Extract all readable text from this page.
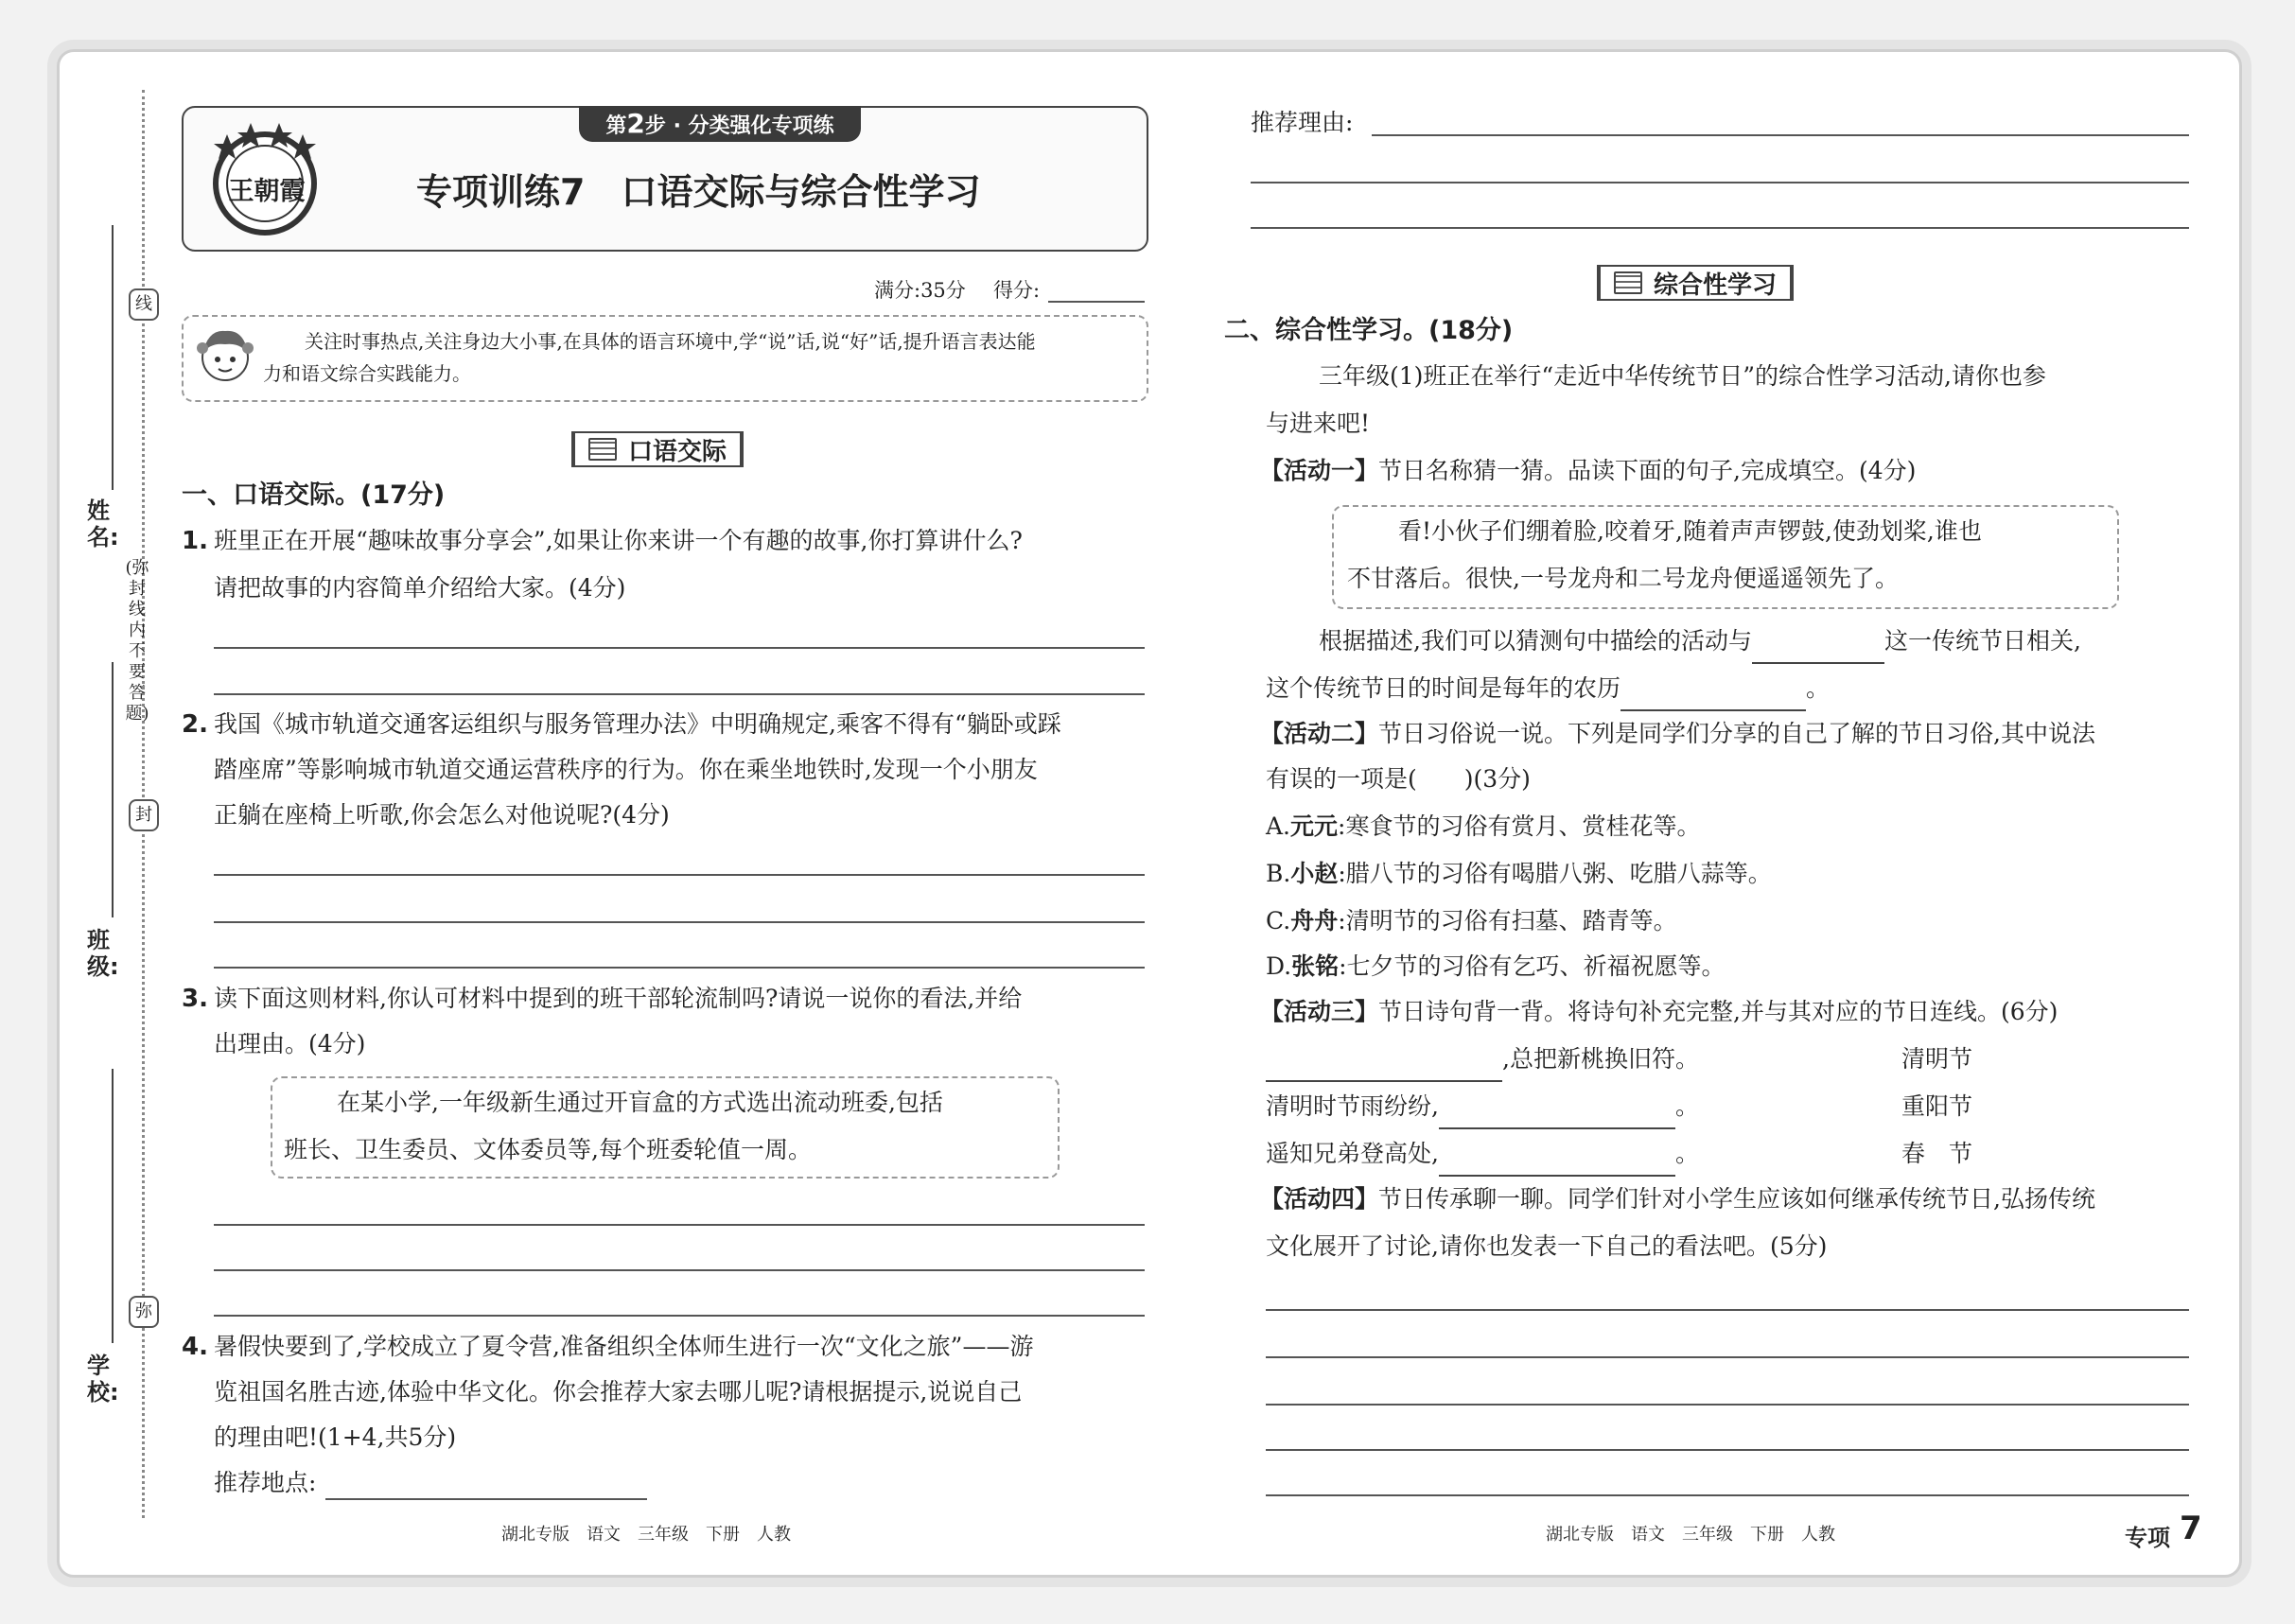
线
封
弥
(弥封线内不要答题)
姓名:
班级:
学校:
王朝霞
第2步 · 分类强化专项练
专项训练7　口语交际与综合性学习
满分:35分 得分:
关注时事热点,关注身边大小事,在具体的语言环境中,学“说”话,说“好”话,提升语言表达能
力和语文综合实践能力。
口语交际
一、口语交际。(17分)
1. 班里正在开展“趣味故事分享会”,如果让你来讲一个有趣的故事,你打算讲什么?
请把故事的内容简单介绍给大家。(4分)
2. 我国《城市轨道交通客运组织与服务管理办法》中明确规定,乘客不得有“躺卧或踩
踏座席”等影响城市轨道交通运营秩序的行为。你在乘坐地铁时,发现一个小朋友
正躺在座椅上听歌,你会怎么对他说呢?(4分)
3. 读下面这则材料,你认可材料中提到的班干部轮流制吗?请说一说你的看法,并给
出理由。(4分)
在某小学,一年级新生通过开盲盒的方式选出流动班委,包括
班长、卫生委员、文体委员等,每个班委轮值一周。
4. 暑假快要到了,学校成立了夏令营,准备组织全体师生进行一次“文化之旅”——游
览祖国名胜古迹,体验中华文化。你会推荐大家去哪儿呢?请根据提示,说说自己
的理由吧!(1+4,共5分)
推荐地点:
湖北专版　语文　三年级　下册　人教
推荐理由:
综合性学习
二、综合性学习。(18分)
三年级(1)班正在举行“走近中华传统节日”的综合性学习活动,请你也参
与进来吧!
【活动一】节日名称猜一猜。品读下面的句子,完成填空。(4分)
看!小伙子们绷着脸,咬着牙,随着声声锣鼓,使劲划桨,谁也
不甘落后。很快,一号龙舟和二号龙舟便遥遥领先了。
根据描述,我们可以猜测句中描绘的活动与	这一传统节日相关,
这个传统节日的时间是每年的农历	。
【活动二】节日习俗说一说。下列是同学们分享的自己了解的节日习俗,其中说法
有误的一项是(　　)(3分)
A.元元:寒食节的习俗有赏月、赏桂花等。
B.小赵:腊八节的习俗有喝腊八粥、吃腊八蒜等。
C.舟舟:清明节的习俗有扫墓、踏青等。
D.张铭:七夕节的习俗有乞巧、祈福祝愿等。
【活动三】节日诗句背一背。将诗句补充完整,并与其对应的节日连线。(6分)
,总把新桃换旧符。
清明时节雨纷纷,	。
遥知兄弟登高处,	。
清明节
重阳节
春　节
【活动四】节日传承聊一聊。同学们针对小学生应该如何继承传统节日,弘扬传统
文化展开了讨论,请你也发表一下自己的看法吧。(5分)
湖北专版　语文　三年级　下册　人教	专项 7
